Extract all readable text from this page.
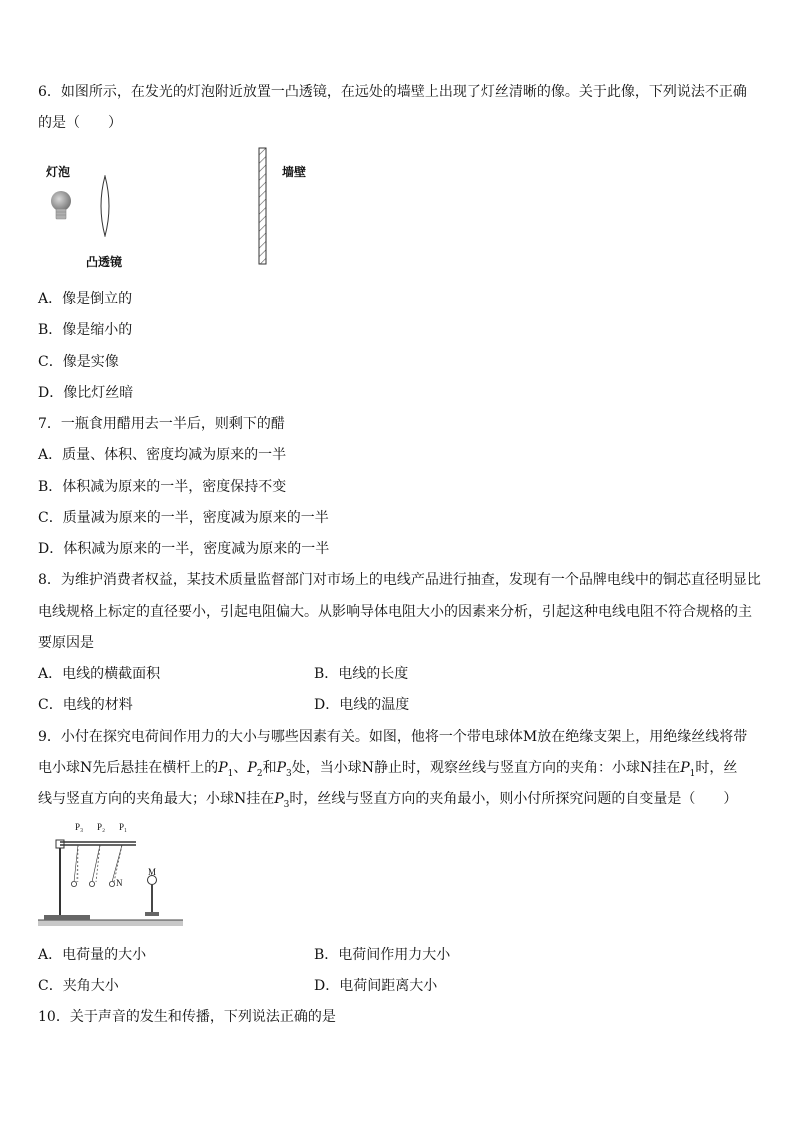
6．如图所示，在发光的灯泡附近放置一凸透镜，在远处的墙壁上出现了灯丝清晰的像。关于此像，下列说法不正确
的是（　　）
灯泡
凸透镜
墙壁
A．像是倒立的
B．像是缩小的
C．像是实像
D．像比灯丝暗
7．一瓶食用醋用去一半后，则剩下的醋
A．质量、体积、密度均减为原来的一半
B．体积减为原来的一半，密度保持不变
C．质量减为原来的一半，密度减为原来的一半
D．体积减为原来的一半，密度减为原来的一半
8．为维护消费者权益，某技术质量监督部门对市场上的电线产品进行抽查，发现有一个品牌电线中的铜芯直径明显比
电线规格上标定的直径要小，引起电阻偏大。从影响导体电阻大小的因素来分析，引起这种电线电阻不符合规格的主
要原因是
A．电线的横截面积	B．电线的长度
C．电线的材料	D．电线的温度
9．小付在探究电荷间作用力的大小与哪些因素有关。如图，他将一个带电球体M放在绝缘支架上，用绝缘丝线将带
电小球N先后悬挂在横杆上的$P_1$、$P_2$和$P_3$处，当小球N静止时，观察丝线与竖直方向的夹角：小球N挂在$P_1$时，丝
线与竖直方向的夹角最大；小球N挂在$P_3$时，丝线与竖直方向的夹角最小，则小付所探究问题的自变量是（　　）
P₃ P₂ P₁
N
M
A．电荷量的大小	B．电荷间作用力大小
C．夹角大小	D．电荷间距离大小
10．关于声音的发生和传播，下列说法正确的是
